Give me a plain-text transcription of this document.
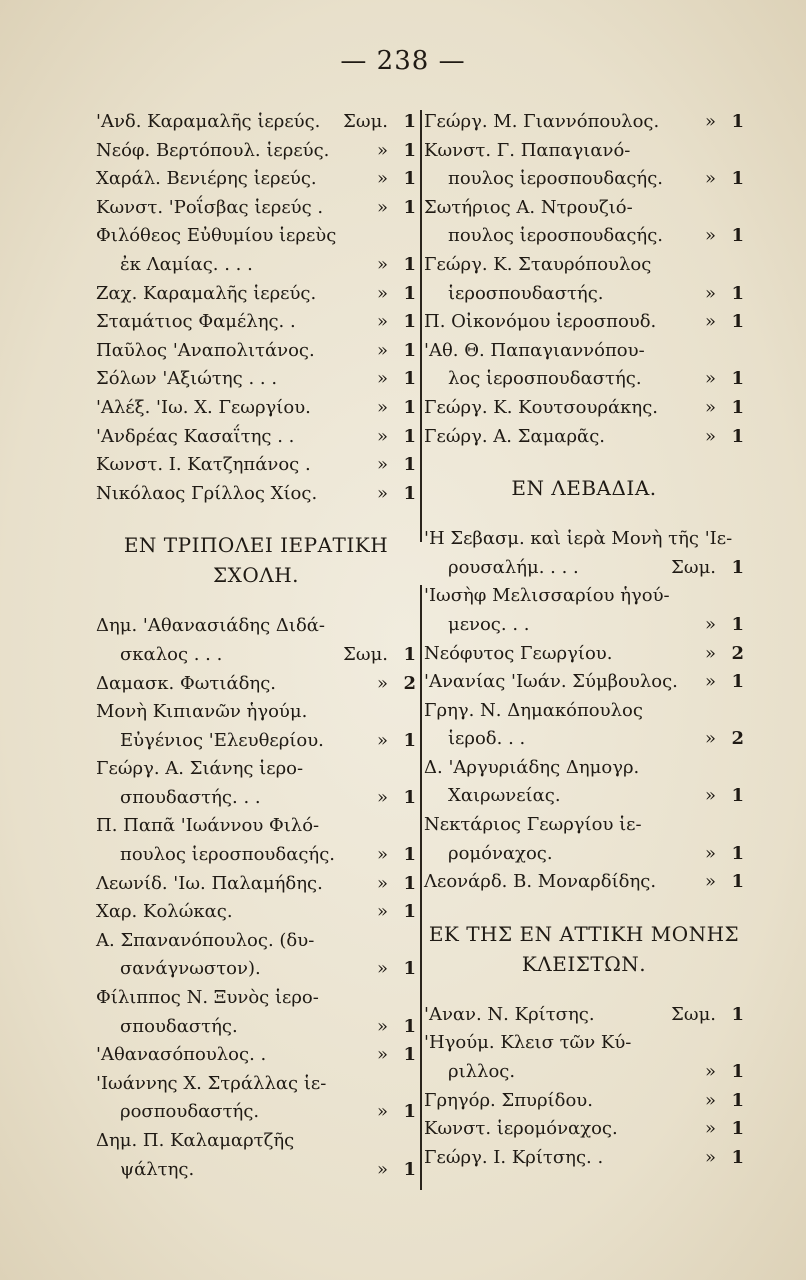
— 238 —
'Ανδ. Καραμαλῆς ἱερεύς. Σωμ. 1
Νεόφ. Βερτόπουλ. ἱερεύς.	» 1
Χαράλ. Βενιέρης ἱερεύς.	» 1
Κωνστ. 'Ροΐσβας ἱερεύς .	» 1
Φιλόθεος Εὐθυμίου ἱερεὺς
ἐκ Λαμίας. . . .	» 1
Ζαχ. Καραμαλῆς ἱερεύς.	» 1
Σταμάτιος Φαμέλης. .	» 1
Παῦλος 'Αναπολιτάνος.	» 1
Σόλων 'Αξιώτης . . .	» 1
'Αλέξ. 'Ιω. Χ. Γεωργίου.	» 1
'Ανδρέας Κασαΐτης . .	» 1
Κωνστ. Ι. Κατζηπάνος .	» 1
Νικόλαος Γρίλλος Χίος.	» 1
ΕΝ ΤΡΙΠΟΛΕΙ ΙΕΡΑΤΙΚΗ
ΣΧΟΛΗ.
Δημ. 'Αθανασιάδης Διδά-
σκαλος . . .	Σωμ. 1
Δαμασκ. Φωτιάδης.	» 2
Μονὴ Κιπιανῶν ἡγούμ.
Εὐγένιος 'Ελευθερίου.	» 1
Γεώργ. Α. Σιάνης ἱερο-
σπουδαστής. . .	» 1
Π. Παπᾶ 'Ιωάννου Φιλό-
πουλος ἱεροσπουδαςής. » 1
Λεωνίδ. 'Ιω. Παλαμήδης.	» 1
Χαρ. Κολώκας.	» 1
Α. Σπανανόπουλος. (δυ-
σανάγνωστον).	» 1
Φίλιππος Ν. Ξυνὸς ἱερο-
σπουδαστής.	» 1
'Αθανασόπουλος. .	» 1
'Ιωάννης Χ. Στράλλας ἱε-
ροσπουδαστής.	» 1
Δημ. Π. Καλαμαρτζῆς
ψάλτης.	» 1
Γεώργ. Μ. Γιαννόπουλος.	» 1
Κωνστ. Γ. Παπαγιανό-
πουλος ἱεροσπουδαςής. » 1
Σωτήριος Α. Ντρουζιό-
πουλος ἱεροσπουδαςής. » 1
Γεώργ. Κ. Σταυρόπουλος
ἱεροσπουδαστής.	» 1
Π. Οἰκονόμου ἱεροσπουδ.	» 1
'Αθ. Θ. Παπαγιαννόπου-
λος ἱεροσπουδαστής.	» 1
Γεώργ. Κ. Κουτσουράκης.	» 1
Γεώργ. Α. Σαμαρᾶς.	» 1
ΕΝ ΛΕΒΑΔΙΑ.
'Η Σεβασμ. καὶ ἱερὰ Μονὴ τῆς 'Ιε-
ρουσαλήμ. . . .	Σωμ. 1
'Ιωσὴφ Μελισσαρίου ἡγού-
μενος. . .	» 1
Νεόφυτος Γεωργίου.	» 2
'Ανανίας 'Ιωάν. Σύμβουλος. » 1
Γρηγ. Ν. Δημακόπουλος
ἱεροδ. . .	» 2
Δ. 'Αργυριάδης Δημογρ.
Χαιρωνείας.	» 1
Νεκτάριος Γεωργίου ἱε-
ρομόναχος.	» 1
Λεονάρδ. Β. Μοναρδίδης.	» 1
ΕΚ ΤΗΣ ΕΝ ΑΤΤΙΚΗ ΜΟΝΗΣ
ΚΛΕΙΣΤΩΝ.
'Αναν. Ν. Κρίτσης.	Σωμ. 1
'Ηγούμ. Κλεισ τῶν Κύ-
ριλλος.	» 1
Γρηγόρ. Σπυρίδου.	» 1
Κωνστ. ἱερομόναχος.	» 1
Γεώργ. Ι. Κρίτσης. .	» 1
